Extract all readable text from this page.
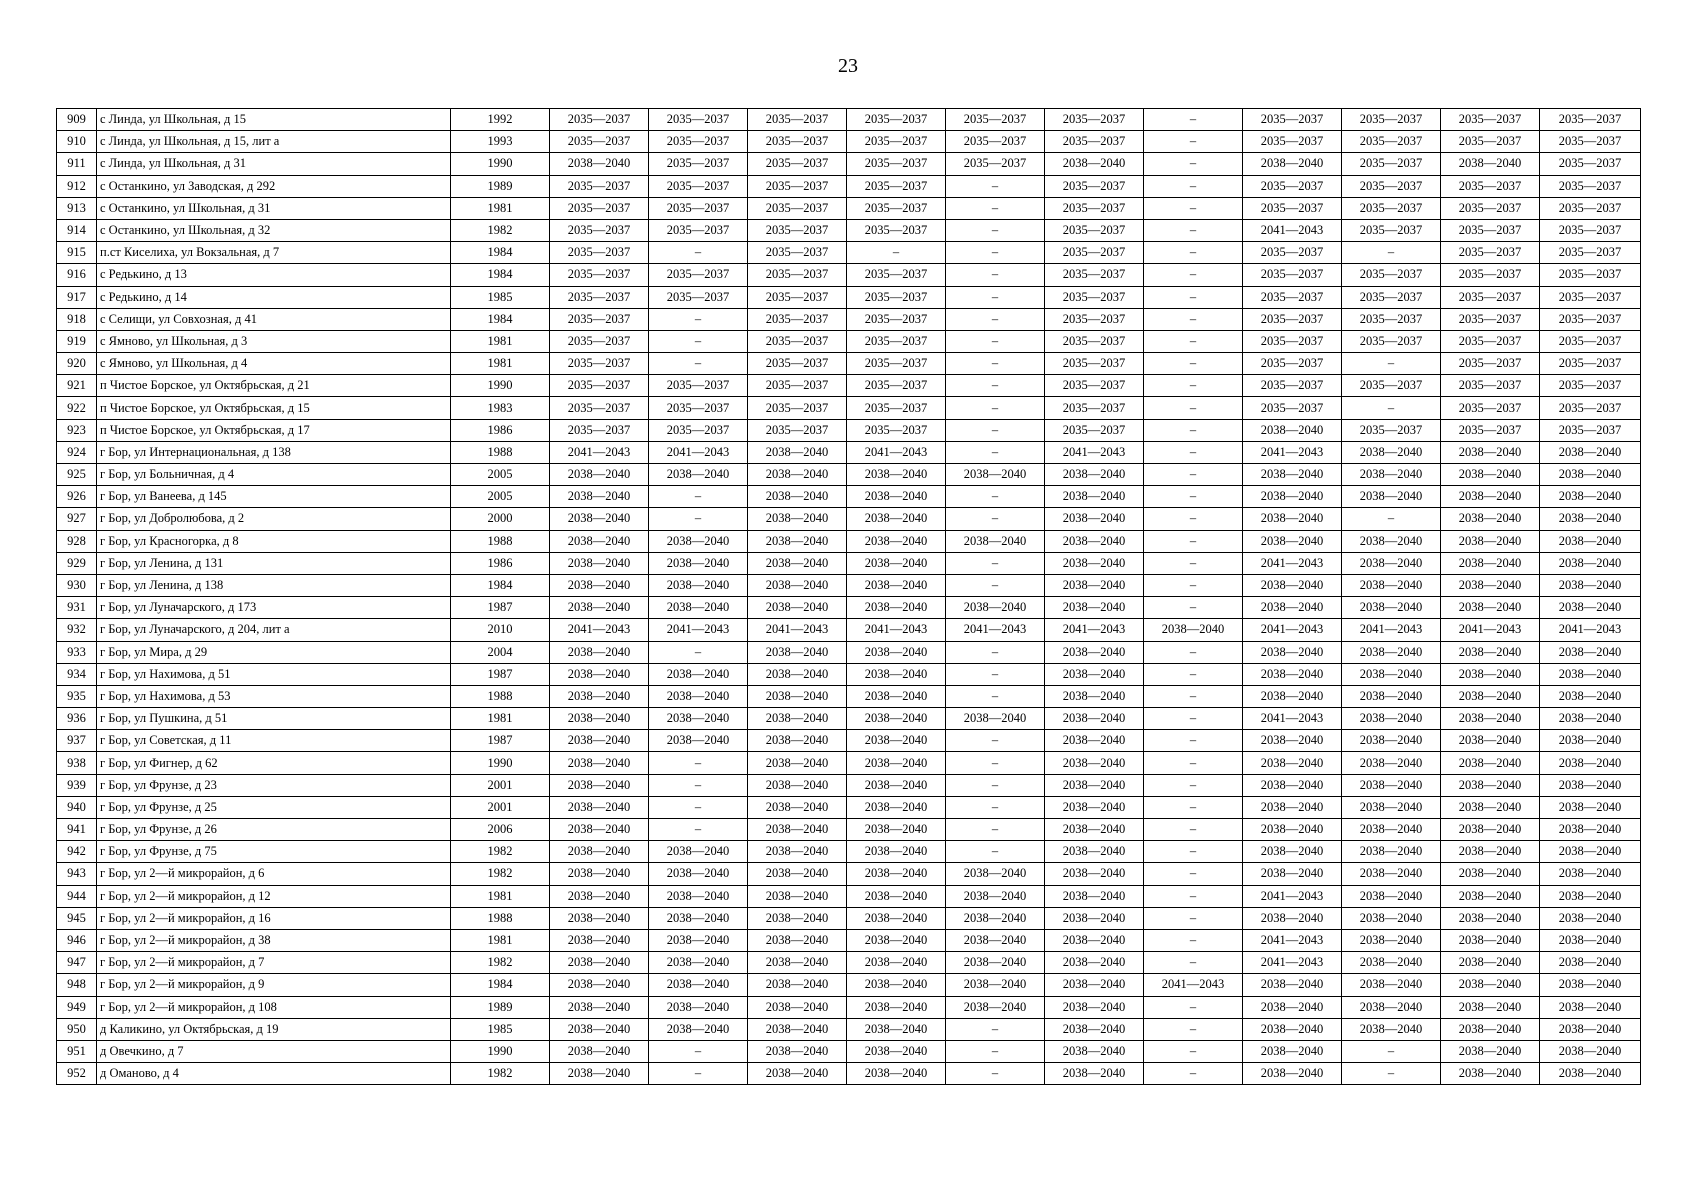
23
909	с Линда, ул Школьная, д 15	1992	2035—2037	2035—2037	2035—2037	2035—2037	2035—2037	2035—2037	–	2035—2037	2035—2037	2035—2037	2035—2037
910	с Линда, ул Школьная, д 15, лит а	1993	2035—2037	2035—2037	2035—2037	2035—2037	2035—2037	2035—2037	–	2035—2037	2035—2037	2035—2037	2035—2037
911	с Линда, ул Школьная, д 31	1990	2038—2040	2035—2037	2035—2037	2035—2037	2035—2037	2038—2040	–	2038—2040	2035—2037	2038—2040	2035—2037
912	с Останкино, ул Заводская, д 292	1989	2035—2037	2035—2037	2035—2037	2035—2037	–	2035—2037	–	2035—2037	2035—2037	2035—2037	2035—2037
913	с Останкино, ул Школьная, д 31	1981	2035—2037	2035—2037	2035—2037	2035—2037	–	2035—2037	–	2035—2037	2035—2037	2035—2037	2035—2037
914	с Останкино, ул Школьная, д 32	1982	2035—2037	2035—2037	2035—2037	2035—2037	–	2035—2037	–	2041—2043	2035—2037	2035—2037	2035—2037
915	п.ст Киселиха, ул Вокзальная, д 7	1984	2035—2037	–	2035—2037	–	–	2035—2037	–	2035—2037	–	2035—2037	2035—2037
916	с Редькино, д 13	1984	2035—2037	2035—2037	2035—2037	2035—2037	–	2035—2037	–	2035—2037	2035—2037	2035—2037	2035—2037
917	с Редькино, д 14	1985	2035—2037	2035—2037	2035—2037	2035—2037	–	2035—2037	–	2035—2037	2035—2037	2035—2037	2035—2037
918	с Селищи, ул Совхозная, д 41	1984	2035—2037	–	2035—2037	2035—2037	–	2035—2037	–	2035—2037	2035—2037	2035—2037	2035—2037
919	с Ямново, ул Школьная, д 3	1981	2035—2037	–	2035—2037	2035—2037	–	2035—2037	–	2035—2037	2035—2037	2035—2037	2035—2037
920	с Ямново, ул Школьная, д 4	1981	2035—2037	–	2035—2037	2035—2037	–	2035—2037	–	2035—2037	–	2035—2037	2035—2037
921	п Чистое Борское, ул Октябрьская, д 21	1990	2035—2037	2035—2037	2035—2037	2035—2037	–	2035—2037	–	2035—2037	2035—2037	2035—2037	2035—2037
922	п Чистое Борское, ул Октябрьская, д 15	1983	2035—2037	2035—2037	2035—2037	2035—2037	–	2035—2037	–	2035—2037	–	2035—2037	2035—2037
923	п Чистое Борское, ул Октябрьская, д 17	1986	2035—2037	2035—2037	2035—2037	2035—2037	–	2035—2037	–	2038—2040	2035—2037	2035—2037	2035—2037
924	г Бор, ул Интернациональная, д 138	1988	2041—2043	2041—2043	2038—2040	2041—2043	–	2041—2043	–	2041—2043	2038—2040	2038—2040	2038—2040
925	г Бор, ул Больничная, д 4	2005	2038—2040	2038—2040	2038—2040	2038—2040	2038—2040	2038—2040	–	2038—2040	2038—2040	2038—2040	2038—2040
926	г Бор, ул Ванеева, д 145	2005	2038—2040	–	2038—2040	2038—2040	–	2038—2040	–	2038—2040	2038—2040	2038—2040	2038—2040
927	г Бор, ул Добролюбова, д 2	2000	2038—2040	–	2038—2040	2038—2040	–	2038—2040	–	2038—2040	–	2038—2040	2038—2040
928	г Бор, ул Красногорка, д 8	1988	2038—2040	2038—2040	2038—2040	2038—2040	2038—2040	2038—2040	–	2038—2040	2038—2040	2038—2040	2038—2040
929	г Бор, ул Ленина, д 131	1986	2038—2040	2038—2040	2038—2040	2038—2040	–	2038—2040	–	2041—2043	2038—2040	2038—2040	2038—2040
930	г Бор, ул Ленина, д 138	1984	2038—2040	2038—2040	2038—2040	2038—2040	–	2038—2040	–	2038—2040	2038—2040	2038—2040	2038—2040
931	г Бор, ул Луначарского, д 173	1987	2038—2040	2038—2040	2038—2040	2038—2040	2038—2040	2038—2040	–	2038—2040	2038—2040	2038—2040	2038—2040
932	г Бор, ул Луначарского, д 204, лит а	2010	2041—2043	2041—2043	2041—2043	2041—2043	2041—2043	2041—2043	2038—2040	2041—2043	2041—2043	2041—2043	2041—2043
933	г Бор, ул Мира, д 29	2004	2038—2040	–	2038—2040	2038—2040	–	2038—2040	–	2038—2040	2038—2040	2038—2040	2038—2040
934	г Бор, ул Нахимова, д 51	1987	2038—2040	2038—2040	2038—2040	2038—2040	–	2038—2040	–	2038—2040	2038—2040	2038—2040	2038—2040
935	г Бор, ул Нахимова, д 53	1988	2038—2040	2038—2040	2038—2040	2038—2040	–	2038—2040	–	2038—2040	2038—2040	2038—2040	2038—2040
936	г Бор, ул Пушкина, д 51	1981	2038—2040	2038—2040	2038—2040	2038—2040	2038—2040	2038—2040	–	2041—2043	2038—2040	2038—2040	2038—2040
937	г Бор, ул Советская, д 11	1987	2038—2040	2038—2040	2038—2040	2038—2040	–	2038—2040	–	2038—2040	2038—2040	2038—2040	2038—2040
938	г Бор, ул Фигнер, д 62	1990	2038—2040	–	2038—2040	2038—2040	–	2038—2040	–	2038—2040	2038—2040	2038—2040	2038—2040
939	г Бор, ул Фрунзе, д 23	2001	2038—2040	–	2038—2040	2038—2040	–	2038—2040	–	2038—2040	2038—2040	2038—2040	2038—2040
940	г Бор, ул Фрунзе, д 25	2001	2038—2040	–	2038—2040	2038—2040	–	2038—2040	–	2038—2040	2038—2040	2038—2040	2038—2040
941	г Бор, ул Фрунзе, д 26	2006	2038—2040	–	2038—2040	2038—2040	–	2038—2040	–	2038—2040	2038—2040	2038—2040	2038—2040
942	г Бор, ул Фрунзе, д 75	1982	2038—2040	2038—2040	2038—2040	2038—2040	–	2038—2040	–	2038—2040	2038—2040	2038—2040	2038—2040
943	г Бор, ул 2—й микрорайон, д 6	1982	2038—2040	2038—2040	2038—2040	2038—2040	2038—2040	2038—2040	–	2038—2040	2038—2040	2038—2040	2038—2040
944	г Бор, ул 2—й микрорайон, д 12	1981	2038—2040	2038—2040	2038—2040	2038—2040	2038—2040	2038—2040	–	2041—2043	2038—2040	2038—2040	2038—2040
945	г Бор, ул 2—й микрорайон, д 16	1988	2038—2040	2038—2040	2038—2040	2038—2040	2038—2040	2038—2040	–	2038—2040	2038—2040	2038—2040	2038—2040
946	г Бор, ул 2—й микрорайон, д 38	1981	2038—2040	2038—2040	2038—2040	2038—2040	2038—2040	2038—2040	–	2041—2043	2038—2040	2038—2040	2038—2040
947	г Бор, ул 2—й микрорайон, д 7	1982	2038—2040	2038—2040	2038—2040	2038—2040	2038—2040	2038—2040	–	2041—2043	2038—2040	2038—2040	2038—2040
948	г Бор, ул 2—й микрорайон, д 9	1984	2038—2040	2038—2040	2038—2040	2038—2040	2038—2040	2038—2040	2041—2043	2038—2040	2038—2040	2038—2040	2038—2040
949	г Бор, ул 2—й микрорайон, д 108	1989	2038—2040	2038—2040	2038—2040	2038—2040	2038—2040	2038—2040	–	2038—2040	2038—2040	2038—2040	2038—2040
950	д Каликино, ул Октябрьская, д 19	1985	2038—2040	2038—2040	2038—2040	2038—2040	–	2038—2040	–	2038—2040	2038—2040	2038—2040	2038—2040
951	д Овечкино, д 7	1990	2038—2040	–	2038—2040	2038—2040	–	2038—2040	–	2038—2040	–	2038—2040	2038—2040
952	д Оманово, д 4	1982	2038—2040	–	2038—2040	2038—2040	–	2038—2040	–	2038—2040	–	2038—2040	2038—2040
